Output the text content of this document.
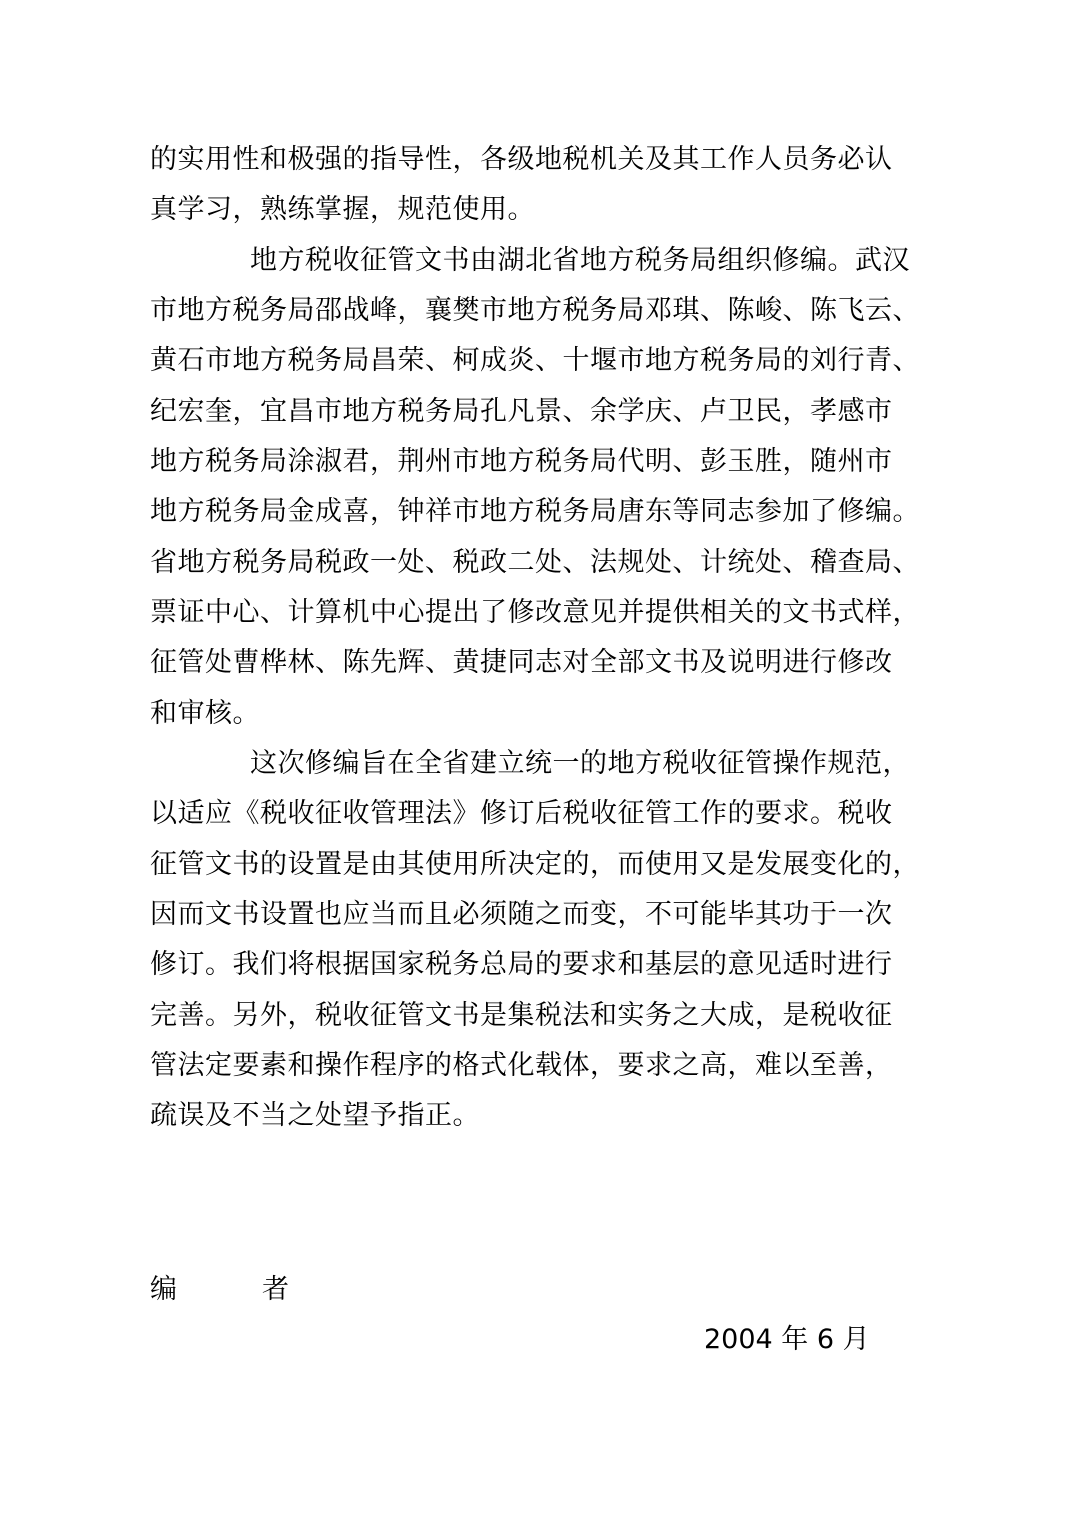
的实用性和极强的指导性，各级地税机关及其工作人员务必认
真学习，熟练掌握，规范使用。
地方税收征管文书由湖北省地方税务局组织修编。武汉
市地方税务局邵战峰，襄樊市地方税务局邓琪、陈峻、陈飞云、
黄石市地方税务局昌荣、柯成炎、十堰市地方税务局的刘行青、
纪宏奎，宜昌市地方税务局孔凡景、余学庆、卢卫民，孝感市
地方税务局涂淑君，荆州市地方税务局代明、彭玉胜，随州市
地方税务局金成喜，钟祥市地方税务局唐东等同志参加了修编。
省地方税务局税政一处、税政二处、法规处、计统处、稽查局、
票证中心、计算机中心提出了修改意见并提供相关的文书式样，
征管处曹桦林、陈先辉、黄捷同志对全部文书及说明进行修改
和审核。
这次修编旨在全省建立统一的地方税收征管操作规范，
以适应《税收征收管理法》修订后税收征管工作的要求。税收
征管文书的设置是由其使用所决定的，而使用又是发展变化的，
因而文书设置也应当而且必须随之而变，不可能毕其功于一次
修订。我们将根据国家税务总局的要求和基层的意见适时进行
完善。另外，税收征管文书是集税法和实务之大成，是税收征
管法定要素和操作程序的格式化载体，要求之高，难以至善，
疏误及不当之处望予指正。
编	者
2004 年 6 月
